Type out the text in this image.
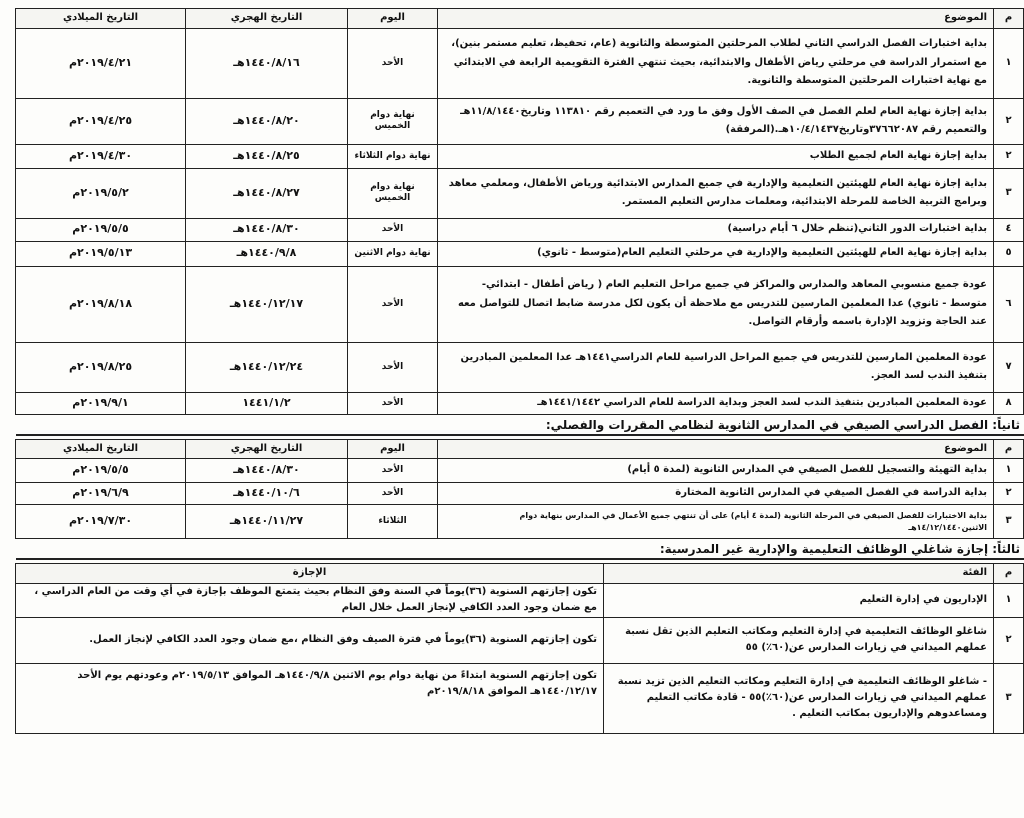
م	الموضوع	اليوم	التاريخ الهجري	التاريخ الميلادي
١	بداية اختبارات الفصل الدراسي الثاني لطلاب المرحلتين المتوسطة والثانوية (عام، تحفيظ، تعليم مستمر بنين)، مع استمرار الدراسة في مرحلتي رياض الأطفال والابتدائية، بحيث تنتهي الفترة التقويمية الرابعة في الابتدائي مع نهاية اختبارات المرحلتين المتوسطة والثانوية.	الأحد	١٤٤٠/٨/١٦هـ	٢٠١٩/٤/٢١م
٢	بداية إجازة نهاية العام لعلم الفصل في الصف الأول وفق ما ورد في التعميم رقم ١١٣٨١٠ وتاريخ١١/٨/١٤٤٠هـ والتعميم رقم ٣٧٦٦٢٠٨٧وتاريخ١٠/٤/١٤٣٧هـ.(المرفقة)	نهاية دوام الخميس	١٤٤٠/٨/٢٠هـ	٢٠١٩/٤/٢٥م
٢	بداية إجازة نهاية العام لجميع الطلاب	نهاية دوام الثلاثاء	١٤٤٠/٨/٢٥هـ	٢٠١٩/٤/٣٠م
٣	بداية إجازة نهاية العام للهيئتين التعليمية والإدارية في جميع المدارس الابتدائية ورياض الأطفال، ومعلمي معاهد وبرامج التربية الخاصة للمرحلة الابتدائية، ومعلمات مدارس التعليم المستمر.	نهاية دوام الخميس	١٤٤٠/٨/٢٧هـ	٢٠١٩/٥/٢م
٤	بداية اختبارات الدور الثاني(تنظم خلال ٦ أيام دراسية)	الأحد	١٤٤٠/٨/٣٠هـ	٢٠١٩/٥/٥م
٥	بداية إجازة نهاية العام للهيئتين التعليمية والإدارية في مرحلتي التعليم العام(متوسط - ثانوي)	نهاية دوام الاثنين	١٤٤٠/٩/٨هـ	٢٠١٩/٥/١٣م
٦	عودة جميع منسوبي المعاهد والمدارس والمراكز في جميع مراحل التعليم العام ( رياض أطفال - ابتدائي- متوسط - ثانوي) عدا المعلمين المارسين للتدريس مع ملاحظة أن يكون لكل مدرسة ضابط اتصال للتواصل معه عند الحاجة وتزويد الإدارة باسمه وأرقام التواصل.	الأحد	١٤٤٠/١٢/١٧هـ	٢٠١٩/٨/١٨م
٧	عودة المعلمين المارسين للتدريس في جميع المراحل الدراسية للعام الدراسي١٤٤١هـ عدا المعلمين المبادرين بتنفيذ الندب لسد العجز.	الأحد	١٤٤٠/١٢/٢٤هـ	٢٠١٩/٨/٢٥م
٨	عودة المعلمين المبادرين بتنفيذ الندب لسد العجز وبداية الدراسة للعام الدراسي ١٤٤١/١٤٤٢هـ	الأحد	١٤٤١/١/٢	٢٠١٩/٩/١م
ثانياً: الفصل الدراسي الصيفي في المدارس الثانوية لنظامي المقررات والفصلي:
م	الموضوع	اليوم	التاريخ الهجري	التاريخ الميلادي
١	بداية التهيئة والتسجيل للفصل الصيفي في المدارس الثانوية (لمدة ٥ أيام)	الأحد	١٤٤٠/٨/٣٠هـ	٢٠١٩/٥/٥م
٢	بداية الدراسة في الفصل الصيفي في المدارس الثانوية المختارة	الأحد	١٤٤٠/١٠/٦هـ	٢٠١٩/٦/٩م
٣	بداية الاختبارات للفصل الصيفي في المرحلة الثانوية (لمدة ٤ أيام) على أن تنتهي جميع الأعمال في المدارس بنهاية دوام الاثنين١٤/١٢/١٤٤٠هـ	الثلاثاء	١٤٤٠/١١/٢٧هـ	٢٠١٩/٧/٣٠م
ثالثاً: إجازة شاغلي الوظائف التعليمية والإدارية غير المدرسية:
م	الفئة	الإجازة
١	الإداريون في إدارة التعليم	تكون إجازتهم السنوية (٣٦)يوماً في السنة وفق النظام بحيث يتمتع الموظف بإجازة في أي وقت من العام الدراسي ، مع ضمان وجود العدد الكافي لإنجاز العمل خلال العام
٢	شاغلو الوظائف التعليمية في إدارة التعليم ومكاتب التعليم الذين تقل نسبة عملهم الميداني في زيارات المدارس عن(٦٠٪) ٥٥	تكون إجازتهم السنوية (٣٦)يوماً في فترة الصيف وفق النظام ،مع ضمان وجود العدد الكافي لإنجاز العمل.
٣	- شاغلو الوظائف التعليمية في إدارة التعليم ومكاتب التعليم الذين تزيد نسبة عملهم الميداني في زيارات المدارس عن(٦٠٪)٥٥ - قادة مكاتب التعليم ومساعدوهم والإداريون بمكاتب التعليم .	تكون إجازتهم السنوية ابتداءً من نهاية دوام يوم الاثنين ١٤٤٠/٩/٨هـ الموافق ٢٠١٩/٥/١٣م وعودتهم يوم الأحد ١٤٤٠/١٢/١٧هـ الموافق ٢٠١٩/٨/١٨م
